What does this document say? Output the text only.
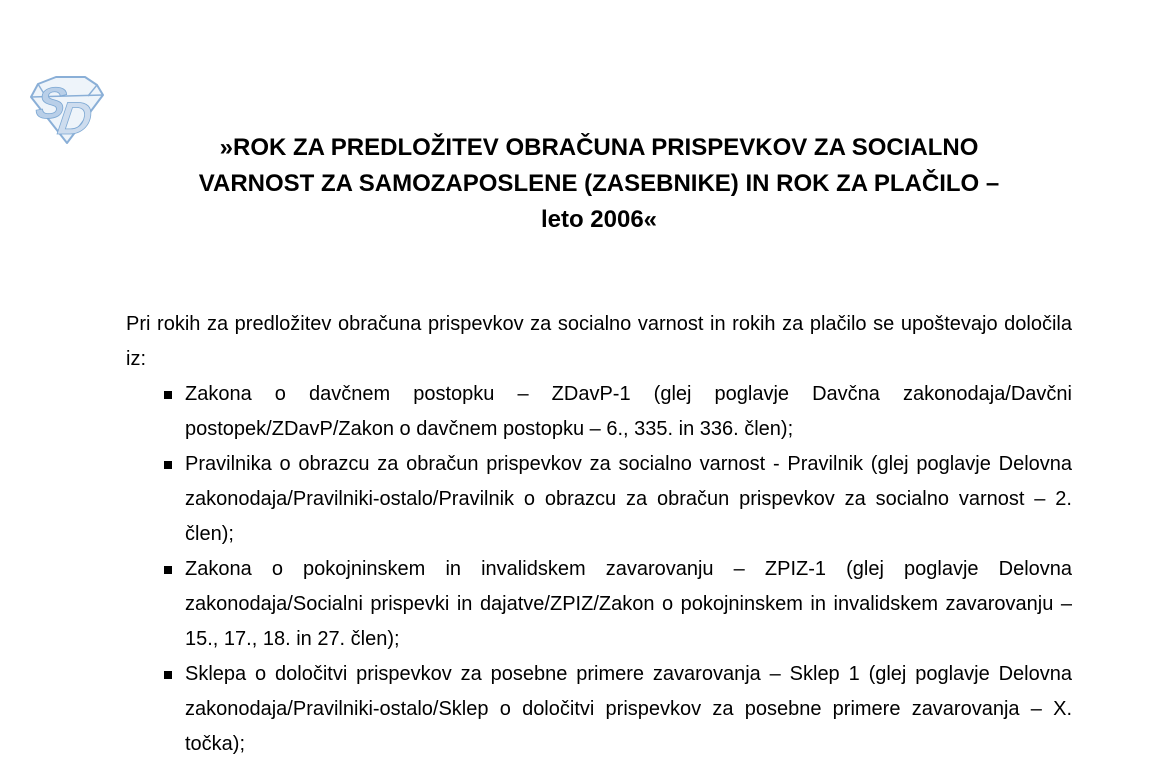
S
D
»ROK ZA PREDLOŽITEV OBRAČUNA PRISPEVKOV ZA SOCIALNO
VARNOST ZA SAMOZAPOSLENE (ZASEBNIKE) IN ROK ZA PLAČILO –
leto 2006«

Pri rokih za predložitev obračuna prispevkov za socialno varnost in rokih za plačilo se upoštevajo določila iz:

Zakona o davčnem postopku – ZDavP-1 (glej poglavje Davčna zakonodaja/Davčni postopek/ZDavP/Zakon o davčnem postopku – 6., 335. in 336. člen);
Pravilnika o obrazcu za obračun prispevkov za socialno varnost - Pravilnik (glej poglavje Delovna zakonodaja/Pravilniki-ostalo/Pravilnik o obrazcu za obračun prispevkov za socialno varnost – 2. člen);
Zakona o pokojninskem in invalidskem zavarovanju – ZPIZ-1 (glej poglavje Delovna zakonodaja/Socialni prispevki in dajatve/ZPIZ/Zakon o pokojninskem in invalidskem zavarovanju – 15., 17., 18. in 27. člen);
Sklepa o določitvi prispevkov za posebne primere zavarovanja – Sklep 1 (glej poglavje Delovna zakonodaja/Pravilniki-ostalo/Sklep o določitvi prispevkov za posebne primere zavarovanja – X. točka);
